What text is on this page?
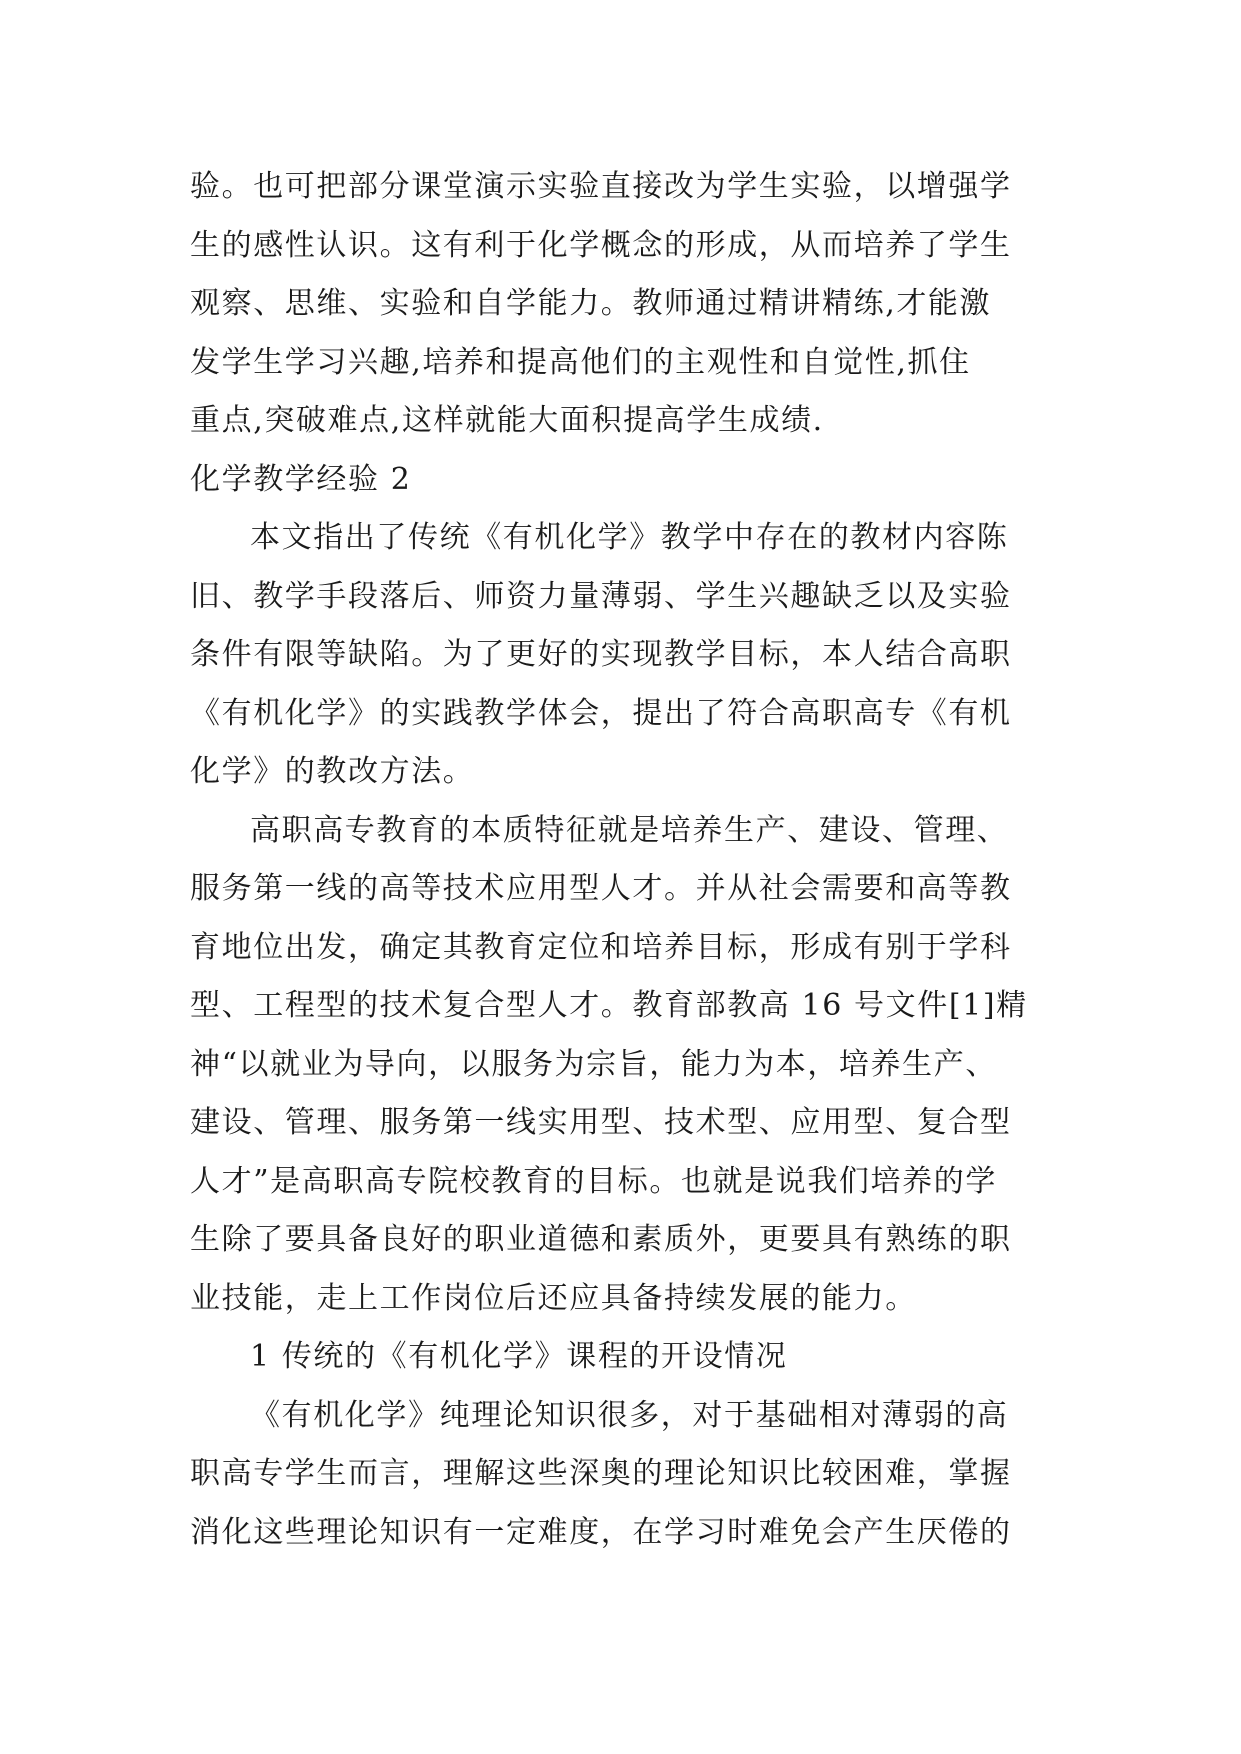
验。也可把部分课堂演示实验直接改为学生实验，以增强学
生的感性认识。这有利于化学概念的形成，从而培养了学生
观察、思维、实验和自学能力。教师通过精讲精练,才能激
发学生学习兴趣,培养和提高他们的主观性和自觉性,抓住
重点,突破难点,这样就能大面积提高学生成绩.
化学教学经验 2
本文指出了传统《有机化学》教学中存在的教材内容陈
旧、教学手段落后、师资力量薄弱、学生兴趣缺乏以及实验
条件有限等缺陷。为了更好的实现教学目标，本人结合高职
《有机化学》的实践教学体会，提出了符合高职高专《有机
化学》的教改方法。
高职高专教育的本质特征就是培养生产、建设、管理、
服务第一线的高等技术应用型人才。并从社会需要和高等教
育地位出发，确定其教育定位和培养目标，形成有别于学科
型、工程型的技术复合型人才。教育部教高 16 号文件[1]精
神“以就业为导向，以服务为宗旨，能力为本，培养生产、
建设、管理、服务第一线实用型、技术型、应用型、复合型
人才”是高职高专院校教育的目标。也就是说我们培养的学
生除了要具备良好的职业道德和素质外，更要具有熟练的职
业技能，走上工作岗位后还应具备持续发展的能力。
1 传统的《有机化学》课程的开设情况
《有机化学》纯理论知识很多，对于基础相对薄弱的高
职高专学生而言，理解这些深奥的理论知识比较困难，掌握
消化这些理论知识有一定难度，在学习时难免会产生厌倦的
